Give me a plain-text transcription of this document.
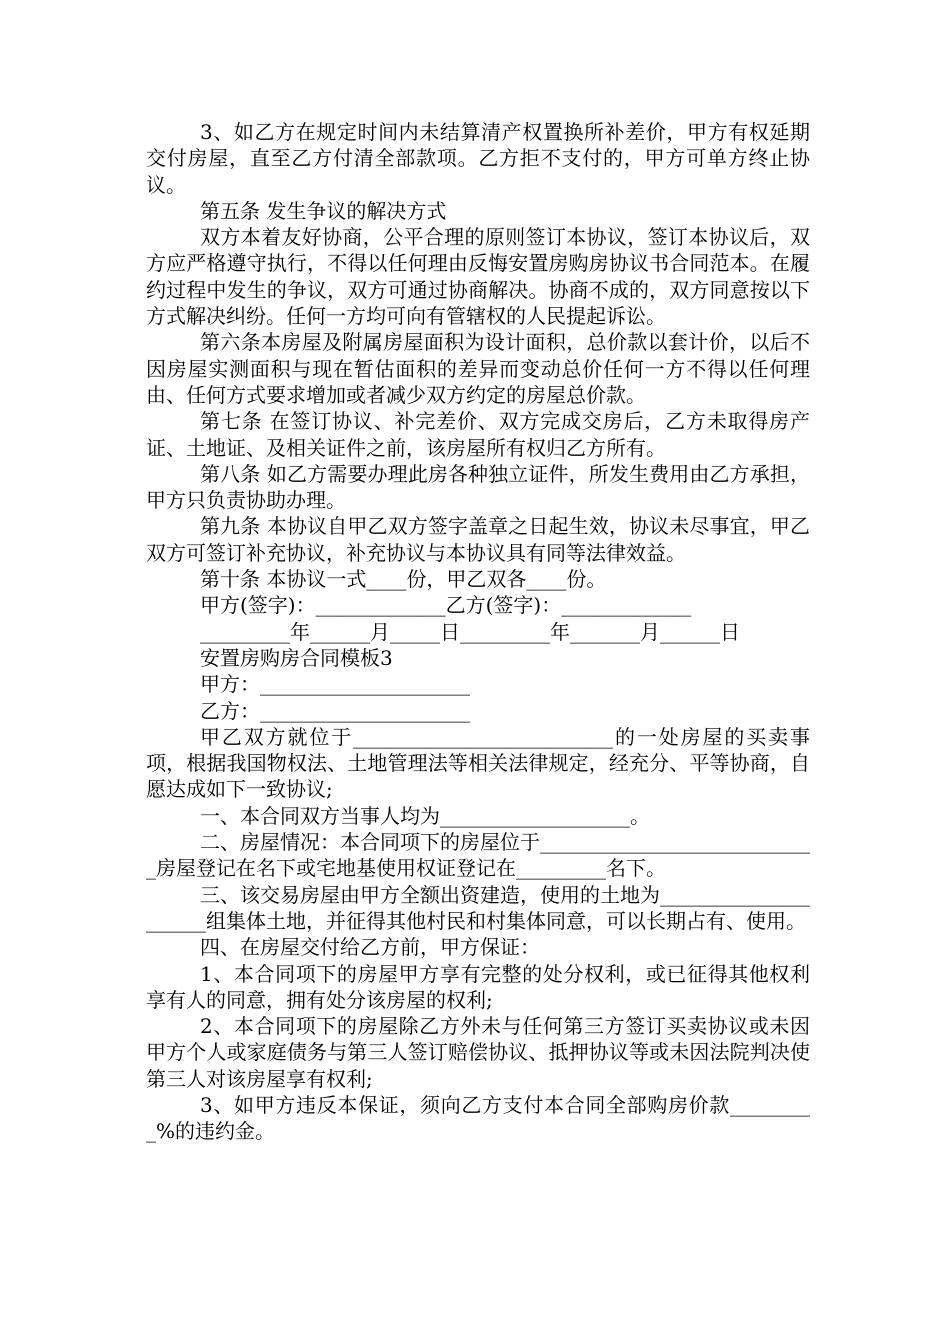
3、如乙方在规定时间内未结算清产权置换所补差价，甲方有权延期交付房屋，直至乙方付清全部款项。乙方拒不支付的，甲方可单方终止协议。

第五条 发生争议的解决方式

双方本着友好协商，公平合理的原则签订本协议，签订本协议后，双方应严格遵守执行，不得以任何理由反悔安置房购房协议书合同范本。在履约过程中发生的争议，双方可通过协商解决。协商不成的，双方同意按以下方式解决纠纷。任何一方均可向有管辖权的人民提起诉讼。

第六条本房屋及附属房屋面积为设计面积，总价款以套计价，以后不因房屋实测面积与现在暂估面积的差异而变动总价任何一方不得以任何理由、任何方式要求增加或者减少双方约定的房屋总价款。

第七条 在签订协议、补完差价、双方完成交房后，乙方未取得房产证、土地证、及相关证件之前，该房屋所有权归乙方所有。

第八条 如乙方需要办理此房各种独立证件，所发生费用由乙方承担，甲方只负责协助办理。

第九条 本协议自甲乙双方签字盖章之日起生效，协议未尽事宜，甲乙双方可签订补充协议，补充协议与本协议具有同等法律效益。

第十条 本协议一式____份，甲乙双各____份。

甲方(签字)：_____________乙方(签字)：_____________

_________年______月_____日_________年_______月______日

安置房购房合同模板3

甲方：_____________________

乙方：_____________________

甲乙双方就位于__________________________的一处房屋的买卖事项，根据我国物权法、土地管理法等相关法律规定，经充分、平等协商，自愿达成如下一致协议;

一、本合同双方当事人均为___________________。

二、房屋情况：本合同项下的房屋位于____________________________房屋登记在名下或宅地基使用权证登记在_________名下。

三、该交易房屋由甲方全额出资建造，使用的土地为_____________________组集体土地，并征得其他村民和村集体同意，可以长期占有、使用。

四、在房屋交付给乙方前，甲方保证：

1、本合同项下的房屋甲方享有完整的处分权利，或已征得其他权利享有人的同意，拥有处分该房屋的权利;

2、本合同项下的房屋除乙方外未与任何第三方签订买卖协议或未因甲方个人或家庭债务与第三人签订赔偿协议、抵押协议等或未因法院判决使第三人对该房屋享有权利;

3、如甲方违反本保证，须向乙方支付本合同全部购房价款_________%的违约金。
